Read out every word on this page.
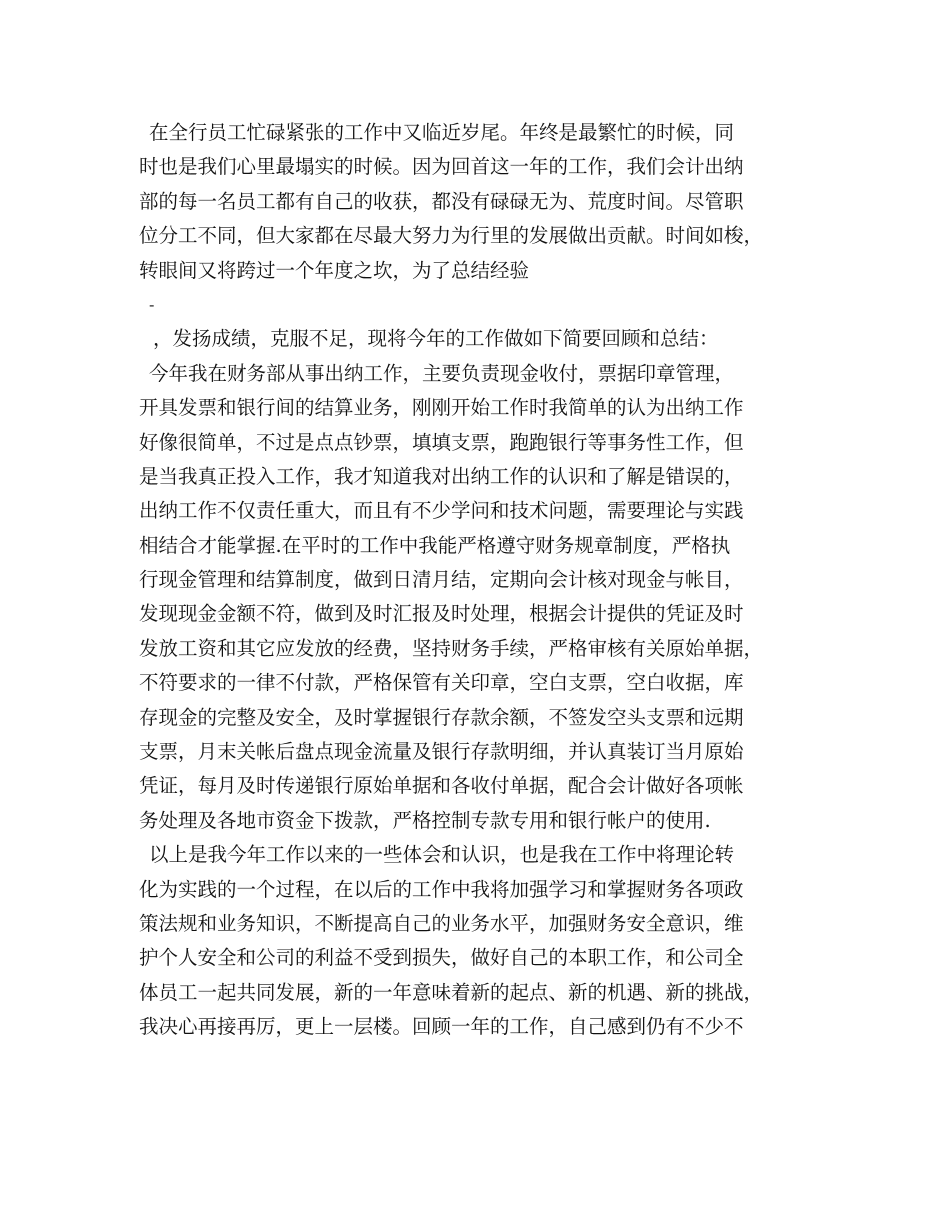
在全行员工忙碌紧张的工作中又临近岁尾。年终是最繁忙的时候，同
时也是我们心里最塌实的时候。因为回首这一年的工作，我们会计出纳
部的每一名员工都有自己的收获，都没有碌碌无为、荒度时间。尽管职
位分工不同，但大家都在尽最大努力为行里的发展做出贡献。时间如梭，
转眼间又将跨过一个年度之坎，为了总结经验
-
，发扬成绩，克服不足，现将今年的工作做如下简要回顾和总结：
今年我在财务部从事出纳工作，主要负责现金收付，票据印章管理，
开具发票和银行间的结算业务，刚刚开始工作时我简单的认为出纳工作
好像很简单，不过是点点钞票，填填支票，跑跑银行等事务性工作，但
是当我真正投入工作，我才知道我对出纳工作的认识和了解是错误的，
出纳工作不仅责任重大，而且有不少学问和技术问题，需要理论与实践
相结合才能掌握.在平时的工作中我能严格遵守财务规章制度，严格执
行现金管理和结算制度，做到日清月结，定期向会计核对现金与帐目，
发现现金金额不符，做到及时汇报及时处理，根据会计提供的凭证及时
发放工资和其它应发放的经费，坚持财务手续，严格审核有关原始单据，
不符要求的一律不付款，严格保管有关印章，空白支票，空白收据，库
存现金的完整及安全，及时掌握银行存款余额，不签发空头支票和远期
支票，月末关帐后盘点现金流量及银行存款明细，并认真装订当月原始
凭证，每月及时传递银行原始单据和各收付单据，配合会计做好各项帐
务处理及各地市资金下拨款，严格控制专款专用和银行帐户的使用.
以上是我今年工作以来的一些体会和认识，也是我在工作中将理论转
化为实践的一个过程，在以后的工作中我将加强学习和掌握财务各项政
策法规和业务知识，不断提高自己的业务水平，加强财务安全意识，维
护个人安全和公司的利益不受到损失，做好自己的本职工作，和公司全
体员工一起共同发展，新的一年意味着新的起点、新的机遇、新的挑战，
我决心再接再厉，更上一层楼。回顾一年的工作，自己感到仍有不少不
